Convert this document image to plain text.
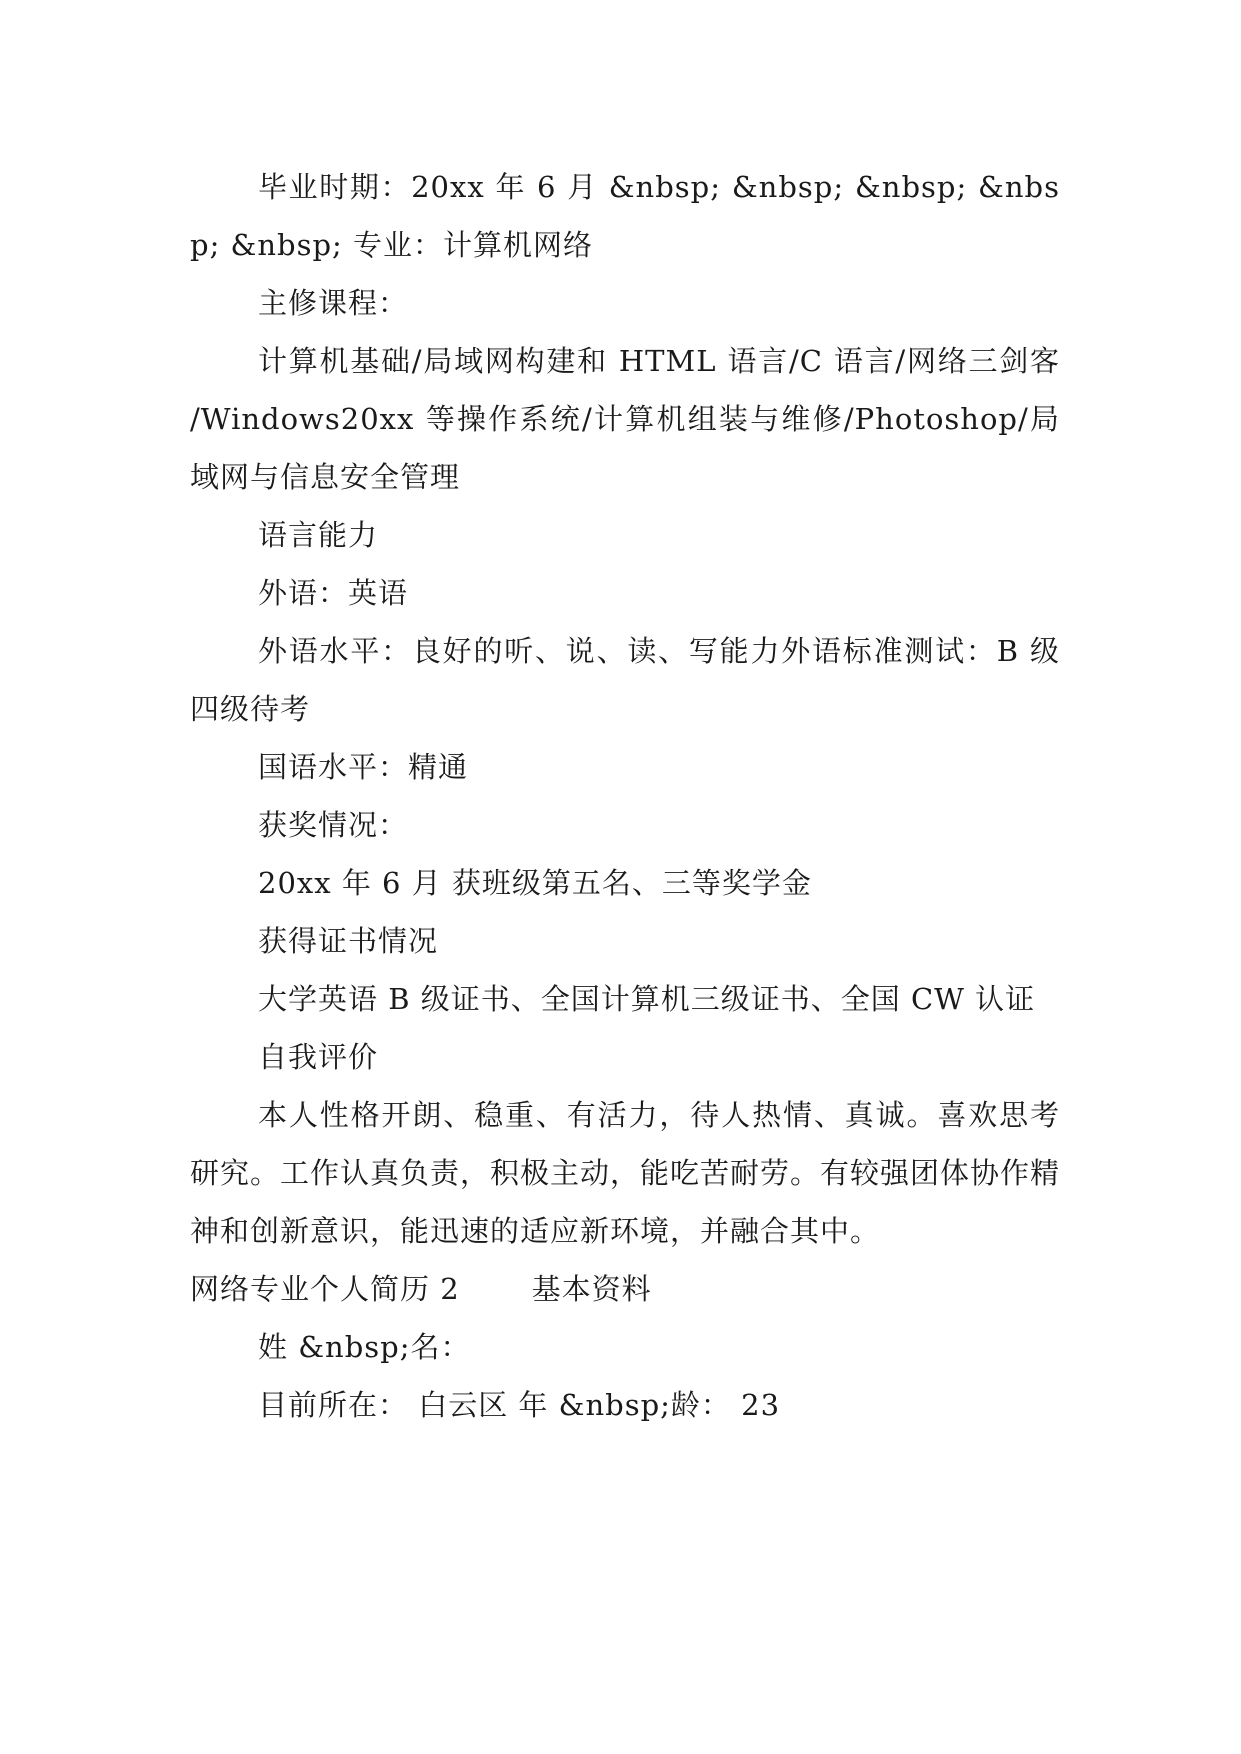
毕业时期：20xx 年 6 月 &nbsp; &nbsp; &nbsp; &nbsp; &nbsp; 专业：计算机网络

主修课程：

计算机基础/局域网构建和 HTML 语言/C 语言/网络三剑客 /Windows20xx 等操作系统/计算机组装与维修/Photoshop/局域网与信息安全管理

语言能力

外语：英语

外语水平：良好的听、说、读、写能力外语标准测试：B 级四级待考

国语水平：精通

获奖情况：

20xx 年 6 月 获班级第五名、三等奖学金

获得证书情况

大学英语 B 级证书、全国计算机三级证书、全国 CW 认证

自我评价

本人性格开朗、稳重、有活力，待人热情、真诚。喜欢思考研究。工作认真负责，积极主动，能吃苦耐劳。有较强团体协作精神和创新意识，能迅速的适应新环境，并融合其中。

网络专业个人简历 2 基本资料

姓 &nbsp;名：

目前所在： 白云区 年 &nbsp;龄： 23
